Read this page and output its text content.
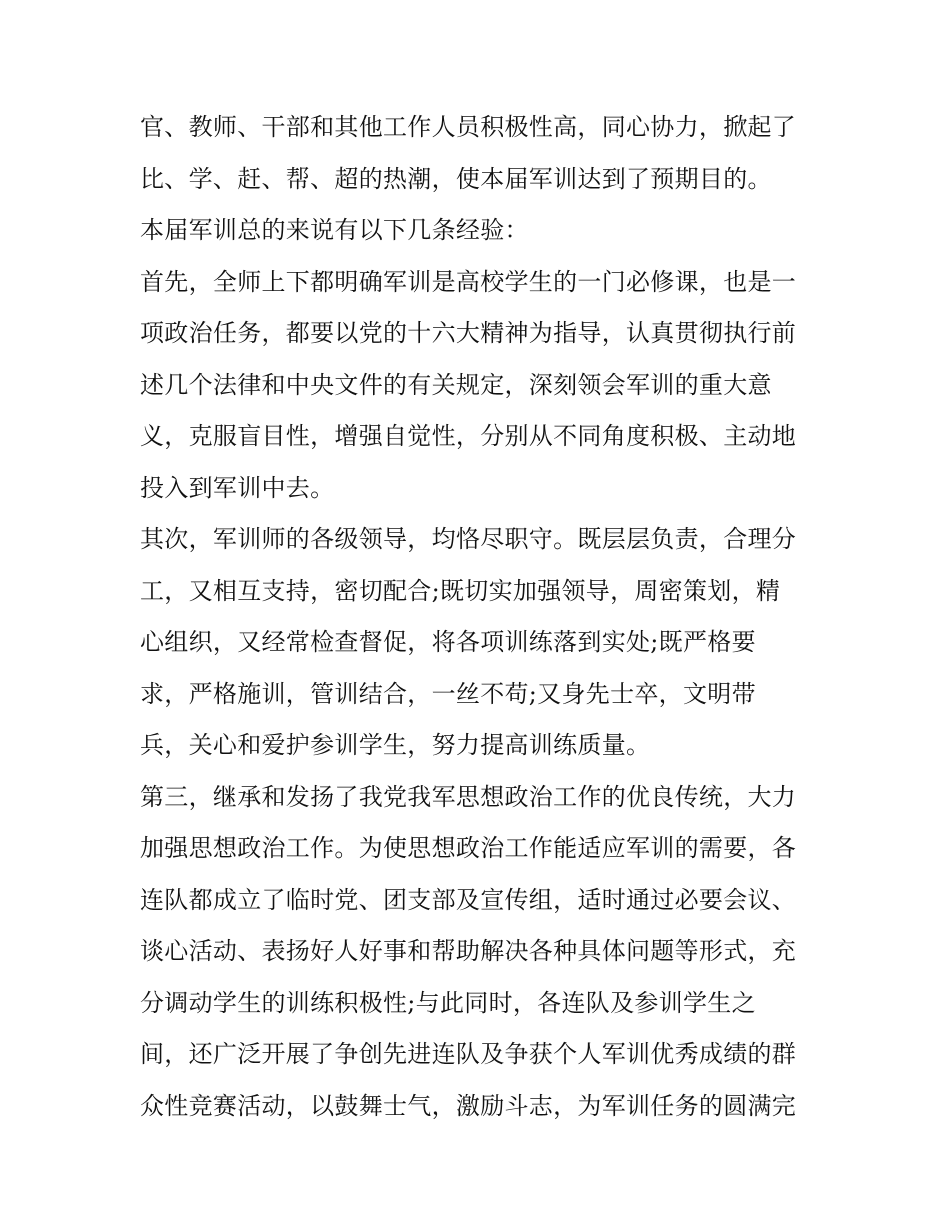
官、教师、干部和其他工作人员积极性高，同心协力，掀起了
比、学、赶、帮、超的热潮，使本届军训达到了预期目的。
本届军训总的来说有以下几条经验：
首先，全师上下都明确军训是高校学生的一门必修课，也是一
项政治任务，都要以党的十六大精神为指导，认真贯彻执行前
述几个法律和中央文件的有关规定，深刻领会军训的重大意
义，克服盲目性，增强自觉性，分别从不同角度积极、主动地
投入到军训中去。
其次，军训师的各级领导，均恪尽职守。既层层负责，合理分
工，又相互支持，密切配合;既切实加强领导，周密策划，精
心组织，又经常检查督促，将各项训练落到实处;既严格要
求，严格施训，管训结合，一丝不苟;又身先士卒，文明带
兵，关心和爱护参训学生，努力提高训练质量。
第三，继承和发扬了我党我军思想政治工作的优良传统，大力
加强思想政治工作。为使思想政治工作能适应军训的需要，各
连队都成立了临时党、团支部及宣传组，适时通过必要会议、
谈心活动、表扬好人好事和帮助解决各种具体问题等形式，充
分调动学生的训练积极性;与此同时，各连队及参训学生之
间，还广泛开展了争创先进连队及争获个人军训优秀成绩的群
众性竞赛活动，以鼓舞士气，激励斗志，为军训任务的圆满完
